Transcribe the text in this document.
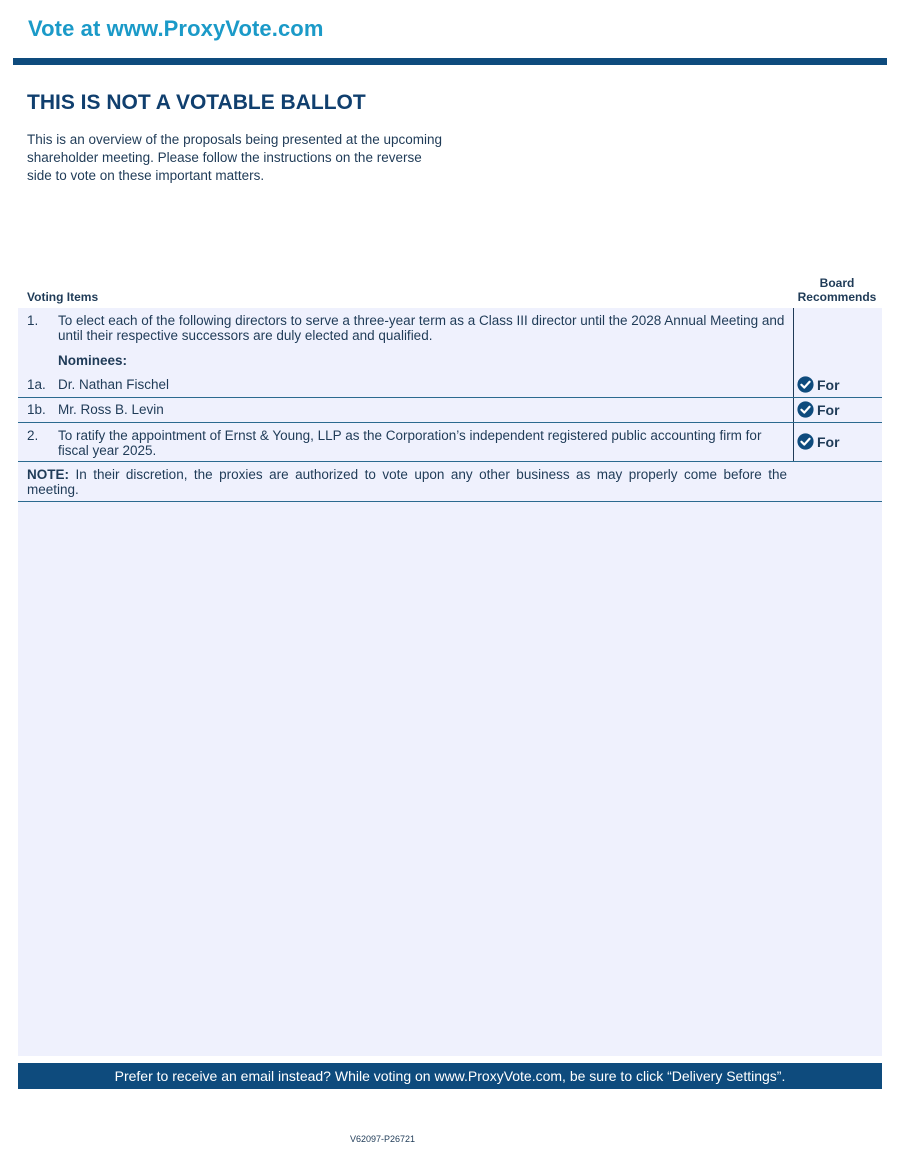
Vote at www.ProxyVote.com
THIS IS NOT A VOTABLE BALLOT
This is an overview of the proposals being presented at the upcoming shareholder meeting. Please follow the instructions on the reverse side to vote on these important matters.
Voting Items
Board Recommends
1. To elect each of the following directors to serve a three-year term as a Class III director until the 2028 Annual Meeting and until their respective successors are duly elected and qualified.
Nominees:
1a. Dr. Nathan Fischel	For
1b. Mr. Ross B. Levin	For
2. To ratify the appointment of Ernst & Young, LLP as the Corporation’s independent registered public accounting firm for fiscal year 2025.
For
NOTE: In their discretion, the proxies are authorized to vote upon any other business as may properly come before the meeting.
Prefer to receive an email instead? While voting on www.ProxyVote.com, be sure to click “Delivery Settings”.
V62097-P26721
